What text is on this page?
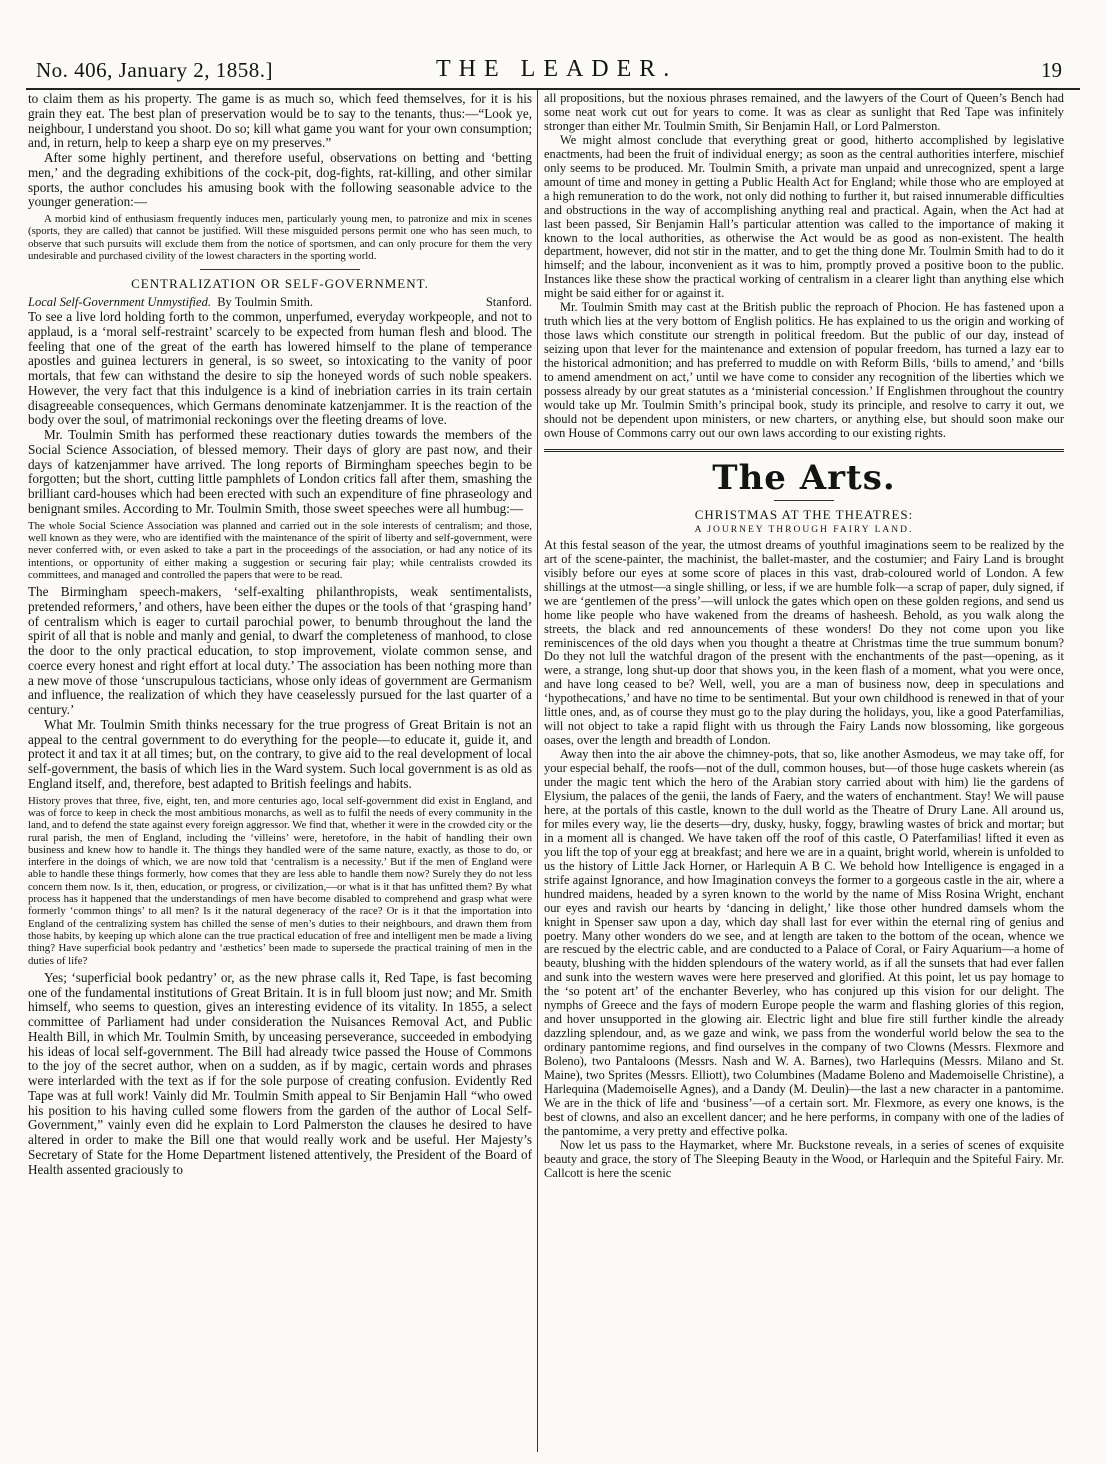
No. 406, January 2, 1858.]	THE LEADER.	19

to claim them as his property. The game is as much so, which feed themselves, for it is his grain they eat. The best plan of preservation would be to say to the tenants, thus:—“Look ye, neighbour, I understand you shoot. Do so; kill what game you want for your own consumption; and, in return, help to keep a sharp eye on my preserves.”

After some highly pertinent, and therefore useful, observations on betting and ‘betting men,’ and the degrading exhibitions of the cock-pit, dog-fights, rat-killing, and other similar sports, the author concludes his amusing book with the following seasonable advice to the younger generation:—

A morbid kind of enthusiasm frequently induces men, particularly young men, to patronize and mix in scenes (sports, they are called) that cannot be justified. Will these misguided persons permit one who has seen much, to observe that such pursuits will exclude them from the notice of sportsmen, and can only procure for them the very undesirable and purchased civility of the lowest characters in the sporting world.

CENTRALIZATION OR SELF-GOVERNMENT.
Local Self-Government Unmystified. By Toulmin Smith.	Stanford.

To see a live lord holding forth to the common, unperfumed, everyday workpeople, and not to applaud, is a ‘moral self-restraint’ scarcely to be expected from human flesh and blood. The feeling that one of the great of the earth has lowered himself to the plane of temperance apostles and guinea lecturers in general, is so sweet, so intoxicating to the vanity of poor mortals, that few can withstand the desire to sip the honeyed words of such noble speakers. However, the very fact that this indulgence is a kind of inebriation carries in its train certain disagreeable consequences, which Germans denominate katzenjammer. It is the reaction of the body over the soul, of matrimonial reckonings over the fleeting dreams of love.

Mr. Toulmin Smith has performed these reactionary duties towards the members of the Social Science Association, of blessed memory. Their days of glory are past now, and their days of katzenjammer have arrived. The long reports of Birmingham speeches begin to be forgotten; but the short, cutting little pamphlets of London critics fall after them, smashing the brilliant card-houses which had been erected with such an expenditure of fine phraseology and benignant smiles. According to Mr. Toulmin Smith, those sweet speeches were all humbug:—

The whole Social Science Association was planned and carried out in the sole interests of centralism; and those, well known as they were, who are identified with the maintenance of the spirit of liberty and self-government, were never conferred with, or even asked to take a part in the proceedings of the association, or had any notice of its intentions, or opportunity of either making a suggestion or securing fair play; while centralists crowded its committees, and managed and controlled the papers that were to be read.

The Birmingham speech-makers, ‘self-exalting philanthropists, weak sentimentalists, pretended reformers,’ and others, have been either the dupes or the tools of that ‘grasping hand’ of centralism which is eager to curtail parochial power, to benumb throughout the land the spirit of all that is noble and manly and genial, to dwarf the completeness of manhood, to close the door to the only practical education, to stop improvement, violate common sense, and coerce every honest and right effort at local duty.’ The association has been nothing more than a new move of those ‘unscrupulous tacticians, whose only ideas of government are Germanism and influence, the realization of which they have ceaselessly pursued for the last quarter of a century.’

What Mr. Toulmin Smith thinks necessary for the true progress of Great Britain is not an appeal to the central government to do everything for the people—to educate it, guide it, and protect it and tax it at all times; but, on the contrary, to give aid to the real development of local self-government, the basis of which lies in the Ward system. Such local government is as old as England itself, and, therefore, best adapted to British feelings and habits.

History proves that three, five, eight, ten, and more centuries ago, local self-government did exist in England, and was of force to keep in check the most ambitious monarchs, as well as to fulfil the needs of every community in the land, and to defend the state against every foreign aggressor. We find that, whether it were in the crowded city or the rural parish, the men of England, including the ‘villeins’ were, heretofore, in the habit of handling their own business and knew how to handle it. The things they handled were of the same nature, exactly, as those to do, or interfere in the doings of which, we are now told that ‘centralism is a necessity.’ But if the men of England were able to handle these things formerly, how comes that they are less able to handle them now? Surely they do not less concern them now. Is it, then, education, or progress, or civilization,—or what is it that has unfitted them? By what process has it happened that the understandings of men have become disabled to comprehend and grasp what were formerly ‘common things’ to all men? Is it the natural degeneracy of the race? Or is it that the importation into England of the centralizing system has chilled the sense of men’s duties to their neighbours, and drawn them from those habits, by keeping up which alone can the true practical education of free and intelligent men be made a living thing? Have superficial book pedantry and ‘æsthetics’ been made to supersede the practical training of men in the duties of life?

Yes; ‘superficial book pedantry’ or, as the new phrase calls it, Red Tape, is fast becoming one of the fundamental institutions of Great Britain. It is in full bloom just now; and Mr. Smith himself, who seems to question, gives an interesting evidence of its vitality. In 1855, a select committee of Parliament had under consideration the Nuisances Removal Act, and Public Health Bill, in which Mr. Toulmin Smith, by unceasing perseverance, succeeded in embodying his ideas of local self-government. The Bill had already twice passed the House of Commons to the joy of the secret author, when on a sudden, as if by magic, certain words and phrases were interlarded with the text as if for the sole purpose of creating confusion. Evidently Red Tape was at full work! Vainly did Mr. Toulmin Smith appeal to Sir Benjamin Hall “who owed his position to his having culled some flowers from the garden of the author of Local Self-Government,” vainly even did he explain to Lord Palmerston the clauses he desired to have altered in order to make the Bill one that would really work and be useful. Her Majesty’s Secretary of State for the Home Department listened attentively, the President of the Board of Health assented graciously to

all propositions, but the noxious phrases remained, and the lawyers of the Court of Queen’s Bench had some neat work cut out for years to come. It was as clear as sunlight that Red Tape was infinitely stronger than either Mr. Toulmin Smith, Sir Benjamin Hall, or Lord Palmerston.

We might almost conclude that everything great or good, hitherto accomplished by legislative enactments, had been the fruit of individual energy; as soon as the central authorities interfere, mischief only seems to be produced. Mr. Toulmin Smith, a private man unpaid and unrecognized, spent a large amount of time and money in getting a Public Health Act for England; while those who are employed at a high remuneration to do the work, not only did nothing to further it, but raised innumerable difficulties and obstructions in the way of accomplishing anything real and practical. Again, when the Act had at last been passed, Sir Benjamin Hall’s particular attention was called to the importance of making it known to the local authorities, as otherwise the Act would be as good as non-existent. The health department, however, did not stir in the matter, and to get the thing done Mr. Toulmin Smith had to do it himself; and the labour, inconvenient as it was to him, promptly proved a positive boon to the public. Instances like these show the practical working of centralism in a clearer light than anything else which might be said either for or against it.

Mr. Toulmin Smith may cast at the British public the reproach of Phocion. He has fastened upon a truth which lies at the very bottom of English politics. He has explained to us the origin and working of those laws which constitute our strength in political freedom. But the public of our day, instead of seizing upon that lever for the maintenance and extension of popular freedom, has turned a lazy ear to the historical admonition; and has preferred to muddle on with Reform Bills, ‘bills to amend,’ and ‘bills to amend amendment on act,’ until we have come to consider any recognition of the liberties which we possess already by our great statutes as a ‘ministerial concession.’ If Englishmen throughout the country would take up Mr. Toulmin Smith’s principal book, study its principle, and resolve to carry it out, we should not be dependent upon ministers, or new charters, or anything else, but should soon make our own House of Commons carry out our own laws according to our existing rights.

The Arts.
CHRISTMAS AT THE THEATRES:
A JOURNEY THROUGH FAIRY LAND.

At this festal season of the year, the utmost dreams of youthful imaginations seem to be realized by the art of the scene-painter, the machinist, the ballet-master, and the costumier; and Fairy Land is brought visibly before our eyes at some score of places in this vast, drab-coloured world of London. A few shillings at the utmost—a single shilling, or less, if we are humble folk—a scrap of paper, duly signed, if we are ‘gentlemen of the press’—will unlock the gates which open on these golden regions, and send us home like people who have wakened from the dreams of hasheesh. Behold, as you walk along the streets, the black and red announcements of these wonders! Do they not come upon you like reminiscences of the old days when you thought a theatre at Christmas time the true summum bonum? Do they not lull the watchful dragon of the present with the enchantments of the past—opening, as it were, a strange, long shut-up door that shows you, in the keen flash of a moment, what you were once, and have long ceased to be? Well, well, you are a man of business now, deep in speculations and ‘hypothecations,’ and have no time to be sentimental. But your own childhood is renewed in that of your little ones, and, as of course they must go to the play during the holidays, you, like a good Paterfamilias, will not object to take a rapid flight with us through the Fairy Lands now blossoming, like gorgeous oases, over the length and breadth of London.

Away then into the air above the chimney-pots, that so, like another Asmodeus, we may take off, for your especial behalf, the roofs—not of the dull, common houses, but—of those huge caskets wherein (as under the magic tent which the hero of the Arabian story carried about with him) lie the gardens of Elysium, the palaces of the genii, the lands of Faery, and the waters of enchantment. Stay! We will pause here, at the portals of this castle, known to the dull world as the Theatre of Drury Lane. All around us, for miles every way, lie the deserts—dry, dusky, husky, foggy, brawling wastes of brick and mortar; but in a moment all is changed. We have taken off the roof of this castle, O Paterfamilias! lifted it even as you lift the top of your egg at breakfast; and here we are in a quaint, bright world, wherein is unfolded to us the history of Little Jack Horner, or Harlequin A B C. We behold how Intelligence is engaged in a strife against Ignorance, and how Imagination conveys the former to a gorgeous castle in the air, where a hundred maidens, headed by a syren known to the world by the name of Miss Rosina Wright, enchant our eyes and ravish our hearts by ‘dancing in delight,’ like those other hundred damsels whom the knight in Spenser saw upon a day, which day shall last for ever within the eternal ring of genius and poetry. Many other wonders do we see, and at length are taken to the bottom of the ocean, whence we are rescued by the electric cable, and are conducted to a Palace of Coral, or Fairy Aquarium—a home of beauty, blushing with the hidden splendours of the watery world, as if all the sunsets that had ever fallen and sunk into the western waves were here preserved and glorified. At this point, let us pay homage to the ‘so potent art’ of the enchanter Beverley, who has conjured up this vision for our delight. The nymphs of Greece and the fays of modern Europe people the warm and flashing glories of this region, and hover unsupported in the glowing air. Electric light and blue fire still further kindle the already dazzling splendour, and, as we gaze and wink, we pass from the wonderful world below the sea to the ordinary pantomime regions, and find ourselves in the company of two Clowns (Messrs. Flexmore and Boleno), two Pantaloons (Messrs. Nash and W. A. Barnes), two Harlequins (Messrs. Milano and St. Maine), two Sprites (Messrs. Elliott), two Columbines (Madame Boleno and Mademoiselle Christine), a Harlequina (Mademoiselle Agnes), and a Dandy (M. Deulin)—the last a new character in a pantomime. We are in the thick of life and ‘business’—of a certain sort. Mr. Flexmore, as every one knows, is the best of clowns, and also an excellent dancer; and he here performs, in company with one of the ladies of the pantomime, a very pretty and effective polka.

Now let us pass to the Haymarket, where Mr. Buckstone reveals, in a series of scenes of exquisite beauty and grace, the story of The Sleeping Beauty in the Wood, or Harlequin and the Spiteful Fairy. Mr. Callcott is here the scenic
